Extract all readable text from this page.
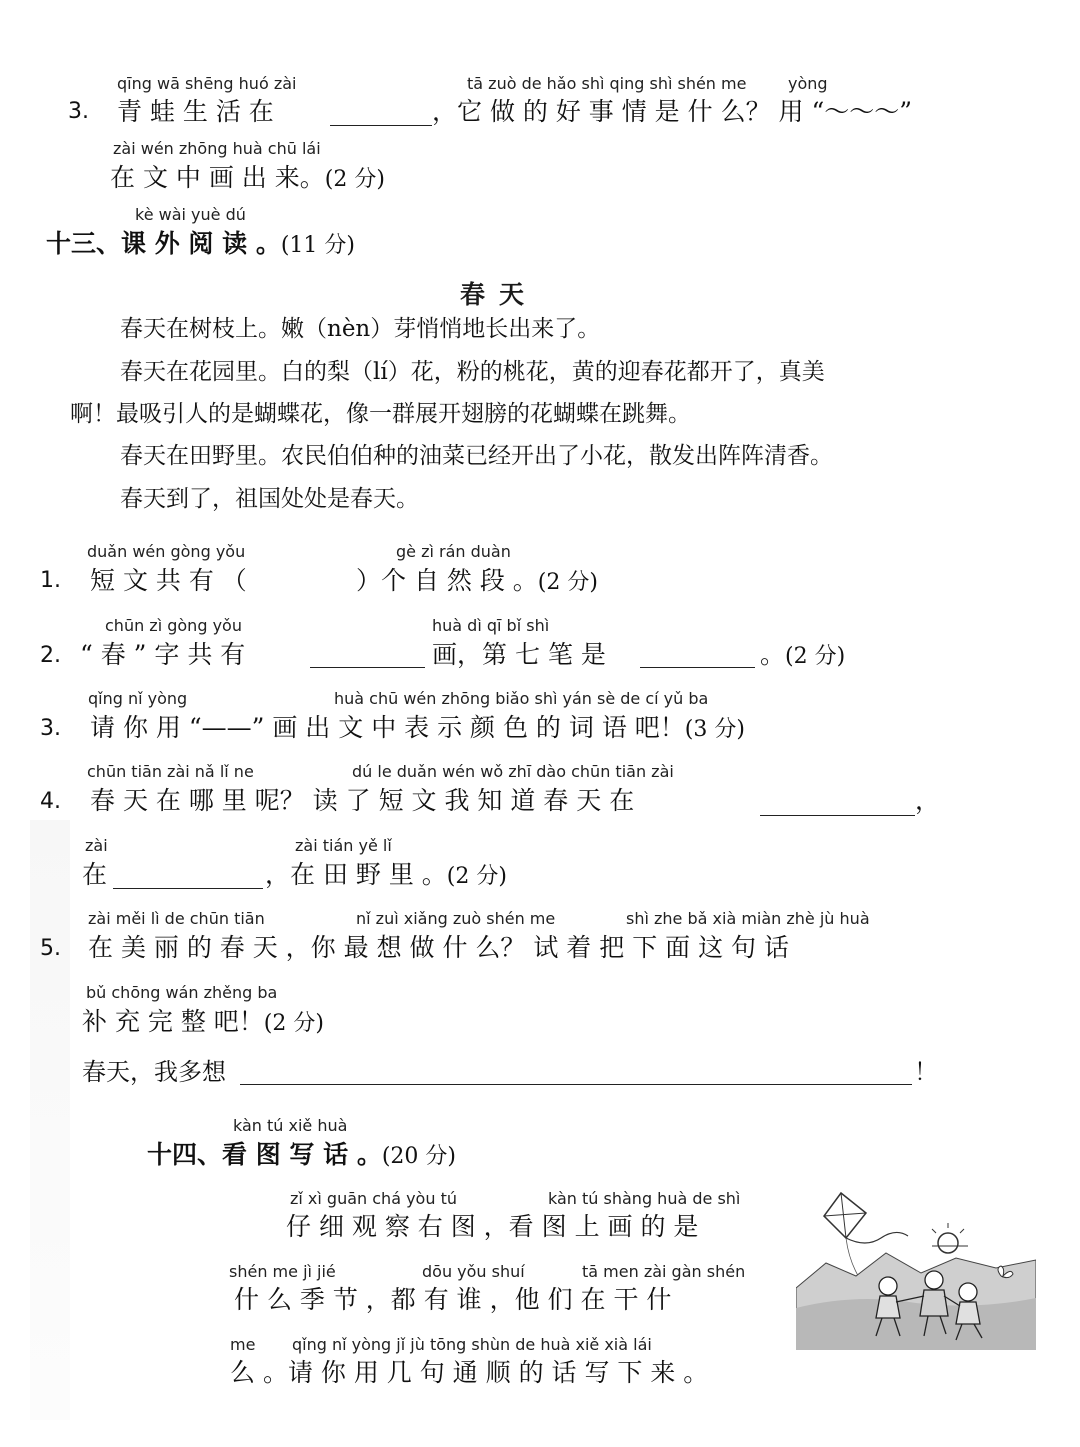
qīng wā shēng huó zài	tā zuò de hǎo shì qing shì shén me	yòng
3. 青 蛙 生 活 在	，它 做 的 好 事 情 是 什 么？ 用 “～～～”
zài wén zhōng huà chū lái
在 文 中 画 出 来。(2 分)
kè wài yuè dú
十三、课 外 阅 读 。(11 分)
春天
春天在树枝上。嫩（nèn）芽悄悄地长出来了。
春天在花园里。白的梨（lí）花，粉的桃花，黄的迎春花都开了，真美
啊！最吸引人的是蝴蝶花，像一群展开翅膀的花蝴蝶在跳舞。
春天在田野里。农民伯伯种的油菜已经开出了小花，散发出阵阵清香。
春天到了，祖国处处是春天。
duǎn wén gòng yǒu	gè zì rán duàn
1. 短 文 共 有 （	）个 自 然 段 。(2 分)
chūn zì gòng yǒu	huà dì qī bǐ shì
2. “ 春 ” 字 共 有	画，第 七 笔 是	。(2 分)
qǐng nǐ yòng	huà chū wén zhōng biǎo shì yán sè de cí yǔ ba
3. 请 你 用 “——” 画 出 文 中 表 示 颜 色 的 词 语 吧！(3 分)
chūn tiān zài nǎ lǐ ne	dú le duǎn wén wǒ zhī dào chūn tiān zài
4. 春 天 在 哪 里 呢？ 读 了 短 文 我 知 道 春 天 在	，
zài	zài tián yě lǐ
在	，在 田 野 里 。(2 分)
zài měi lì de chūn tiān	nǐ zuì xiǎng zuò shén me	shì zhe bǎ xià miàn zhè jù huà
5. 在 美 丽 的 春 天 ，你 最 想 做 什 么？ 试 着 把 下 面 这 句 话
bǔ chōng wán zhěng ba
补 充 完 整 吧！(2 分)
春天，我多想	！
kàn tú xiě huà
十四、看 图 写 话 。(20 分)
zǐ xì guān chá yòu tú	kàn tú shàng huà de shì
仔 细 观 察 右 图 ，看 图 上 画 的 是
shén me jì jié	dōu yǒu shuí	tā men zài gàn shén
什 么 季 节 ，都 有 谁 ，他 们 在 干 什
me qǐng nǐ yòng jǐ jù tōng shùn de huà xiě xià lái
么 。请 你 用 几 句 通 顺 的 话 写 下 来 。
